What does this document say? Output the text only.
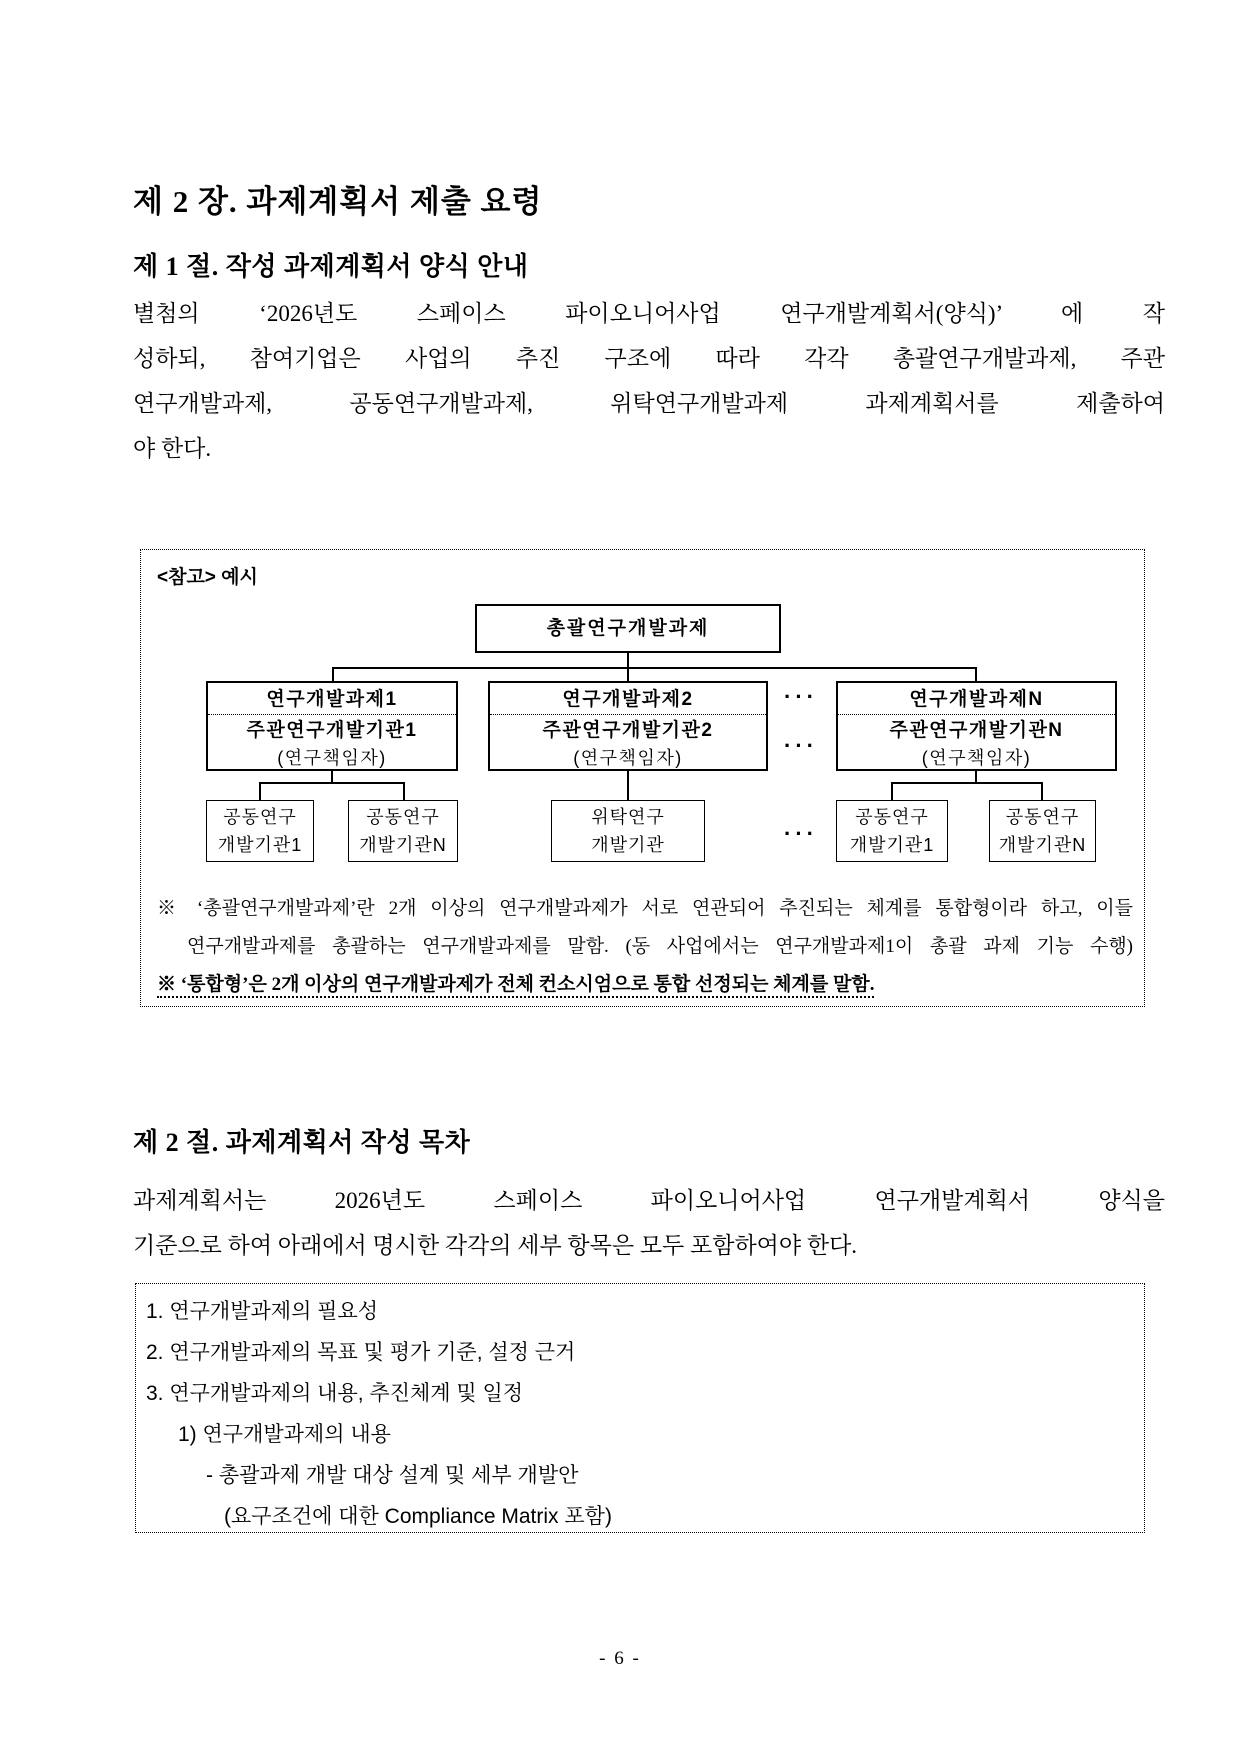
제 2 장. 과제계획서 제출 요령
제 1 절. 작성 과제계획서 양식 안내
별첨의 ‘2026년도 스페이스 파이오니어사업 연구개발계획서(양식)’ 에 작
성하되, 참여기업은 사업의 추진 구조에 따라 각각 총괄연구개발과제, 주관
연구개발과제, 공동연구개발과제, 위탁연구개발과제 과제계획서를 제출하여
야 한다.
<참고> 예시
총괄연구개발과제
연구개발과제1
주관연구개발기관1
(연구책임자)
연구개발과제2
주관연구개발기관2
(연구책임자)
연구개발과제N
주관연구개발기관N
(연구책임자)
···
···
···
공동연구
개발기관1
공동연구
개발기관N
위탁연구
개발기관
공동연구
개발기관1
공동연구
개발기관N
※ ‘총괄연구개발과제’란 2개 이상의 연구개발과제가 서로 연관되어 추진되는 체계를 통합형이라 하고, 이들
연구개발과제를 총괄하는 연구개발과제를 말함. (동 사업에서는 연구개발과제1이 총괄 과제 기능 수행)
※ ‘통합형’은 2개 이상의 연구개발과제가 전체 컨소시엄으로 통합 선정되는 체계를 말함.
제 2 절. 과제계획서 작성 목차
과제계획서는 2026년도 스페이스 파이오니어사업 연구개발계획서 양식을
기준으로 하여 아래에서 명시한 각각의 세부 항목은 모두 포함하여야 한다.
1. 연구개발과제의 필요성
2. 연구개발과제의 목표 및 평가 기준, 설정 근거
3. 연구개발과제의 내용, 추진체계 및 일정
1) 연구개발과제의 내용
- 총괄과제 개발 대상 설계 및 세부 개발안
(요구조건에 대한 Compliance Matrix 포함)
- 6 -
